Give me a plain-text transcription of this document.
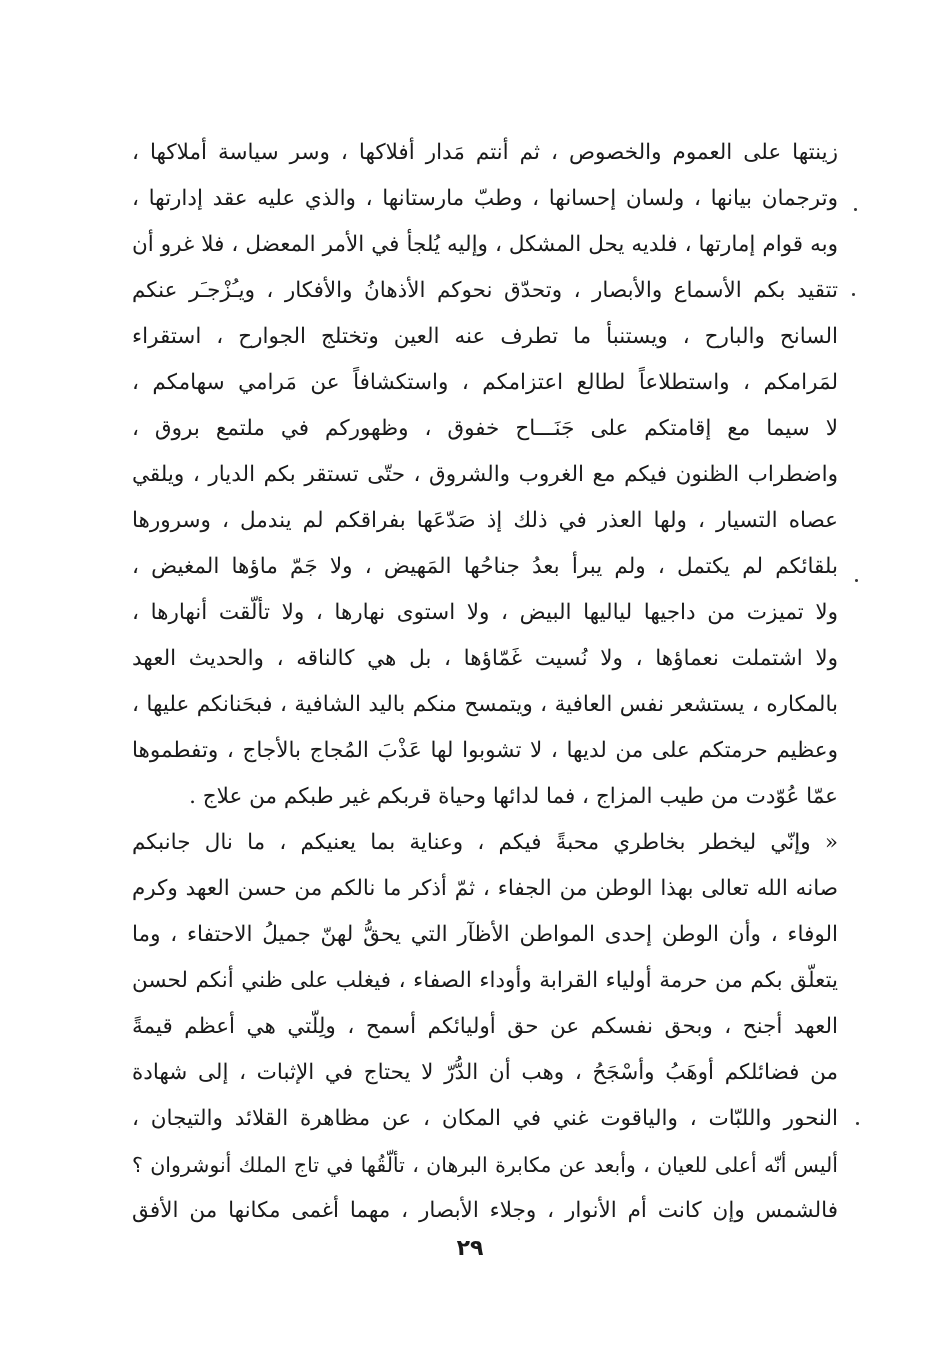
زينتها على العموم والخصوص ، ثم أنتم مَدار أفلاكها ، وسر سياسة أملاكها ،
وترجمان بيانها ، ولسان إحسانها ، وطبّ مارستانها ، والذي عليه عقد إدارتها ،
وبه قوام إمارتها ، فلديه يحل المشكل ، وإليه يُلجأ في الأمر المعضل ، فلا غرو أن
تتقيد بكم الأسماع والأبصار ، وتحدّق نحوكم الأذهانُ والأفكار ، ويـُزْجـَر عنكم
السانح والبارح ، ويستنبأ ما تطرف عنه العين وتختلج الجوارح ، استقراء
لمَرامكم ، واستطلاعاً لطالع اعتزامكم ، واستكشافاً عن مَرامي سهامكم ،
لا سيما مع إقامتكم على جَنَـــاح خفوق ، وظهوركم في ملتمع بروق ،
واضطراب الظنون فيكم مع الغروب والشروق ، حتّى تستقر بكم الديار ، ويلقي
عصاه التسيار ، ولها العذر في ذلك إذ صَدّعَها بفراقكم لم يندمل ، وسرورها
بلقائكم لم يكتمل ، ولم يبرأ بعدُ جناحُها المَهيض ، ولا جَمّ ماؤها المغيض ،
ولا تميزت من داجيها لياليها البيض ، ولا استوى نهارها ، ولا تألّقت أنهارها ،
ولا اشتملت نعماؤها ، ولا نُسيت غَمّاؤها ، بل هي كالناقه ، والحديث العهد
بالمكاره ، يستشعر نفس العافية ، ويتمسح منكم باليد الشافية ، فبحَنانكم عليها ،
وعظيم حرمتكم على من لديها ، لا تشوبوا لها عَذْبَ المُجاج بالأجاج ، وتفطموها
عمّا عُوّدت من طيب المزاج ، فما لدائها وحياة قربكم غير طبكم من علاج .
« وإنّي ليخطر بخاطري محبةً فيكم ، وعناية بما يعنيكم ، ما نال جانبكم
صانه الله تعالى بهذا الوطن من الجفاء ، ثمّ أذكر ما نالكم من حسن العهد وكرم
الوفاء ، وأن الوطن إحدى المواطن الأظآر التي يحقُّ لهنّ جميلُ الاحتفاء ، وما
يتعلّق بكم من حرمة أولياء القرابة وأوداء الصفاء ، فيغلب على ظني أنكم لحسن
العهد أجنح ، وبحق نفسكم عن حق أوليائكم أسمح ، ولِلّتي هي أعظم قيمةً
من فضائلكم أوهَبُ وأسْجَحُ ، وهب أن الدُّرّ لا يحتاج في الإثبات ، إلى شهادة
النحور واللبّات ، والياقوت غني في المكان ، عن مظاهرة القلائد والتيجان ،
أليس أنّه أعلى للعيان ، وأبعد عن مكابرة البرهان ، تألّقُها في تاج الملك أنوشروان ؟
فالشمس وإن كانت أم الأنوار ، وجلاء الأبصار ، مهما أغمى مكانها من الأفق
٢٩
